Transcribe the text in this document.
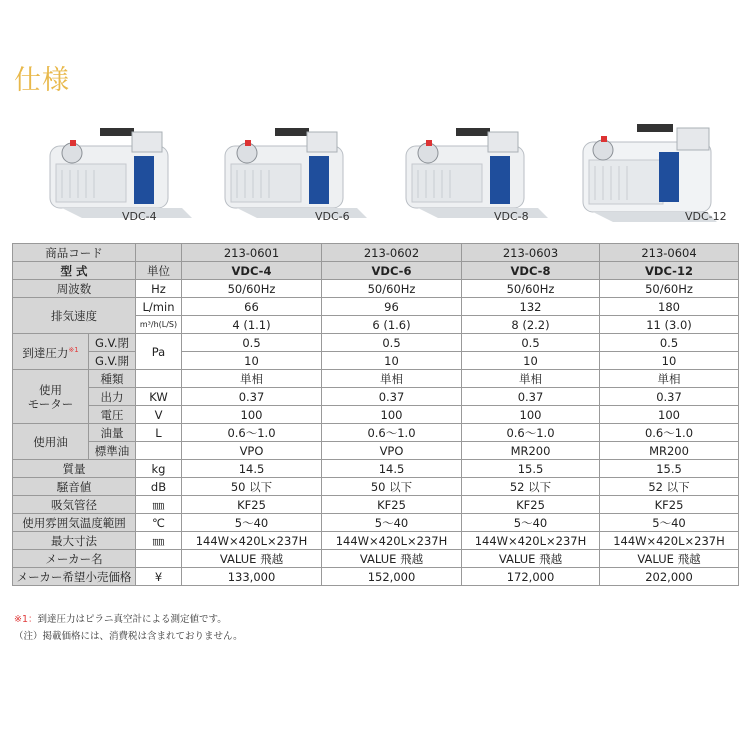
仕様
VDC-4	VDC-6	VDC-8	VDC-12
商品コード			213-0601	213-0602	213-0603	213-0604
型 式		単位	VDC-4	VDC-6	VDC-8	VDC-12
周波数		Hz	50/60Hz	50/60Hz	50/60Hz	50/60Hz
排気速度		L/min	66	96	132	180
		m³/h(L/S)	4 (1.1)	6 (1.6)	8 (2.2)	11 (3.0)
到達圧力$^{※1}$	G.V.閉	Pa	0.5	0.5	0.5	0.5
	G.V.開		10	10	10	10
使用
モーター	種類		単相	単相	単相	単相
	出力	KW	0.37	0.37	0.37	0.37
	電圧	V	100	100	100	100
使用油	油量	L	0.6～1.0	0.6～1.0	0.6～1.0	0.6～1.0
	標準油		VPO	VPO	MR200	MR200
質量		kg	14.5	14.5	15.5	15.5
騒音値		dB	50 以下	50 以下	52 以下	52 以下
吸気管径		㎜	KF25	KF25	KF25	KF25
使用雰囲気温度範囲		℃	5～40	5～40	5～40	5～40
最大寸法		㎜	144W×420L×237H	144W×420L×237H	144W×420L×237H	144W×420L×237H
メーカー名			VALUE 飛越	VALUE 飛越	VALUE 飛越	VALUE 飛越
メーカー希望小売価格		¥	133,000	152,000	172,000	202,000
※1：到達圧力はピラニ真空計による測定値です。
（注）掲載価格には、消費税は含まれておりません。
